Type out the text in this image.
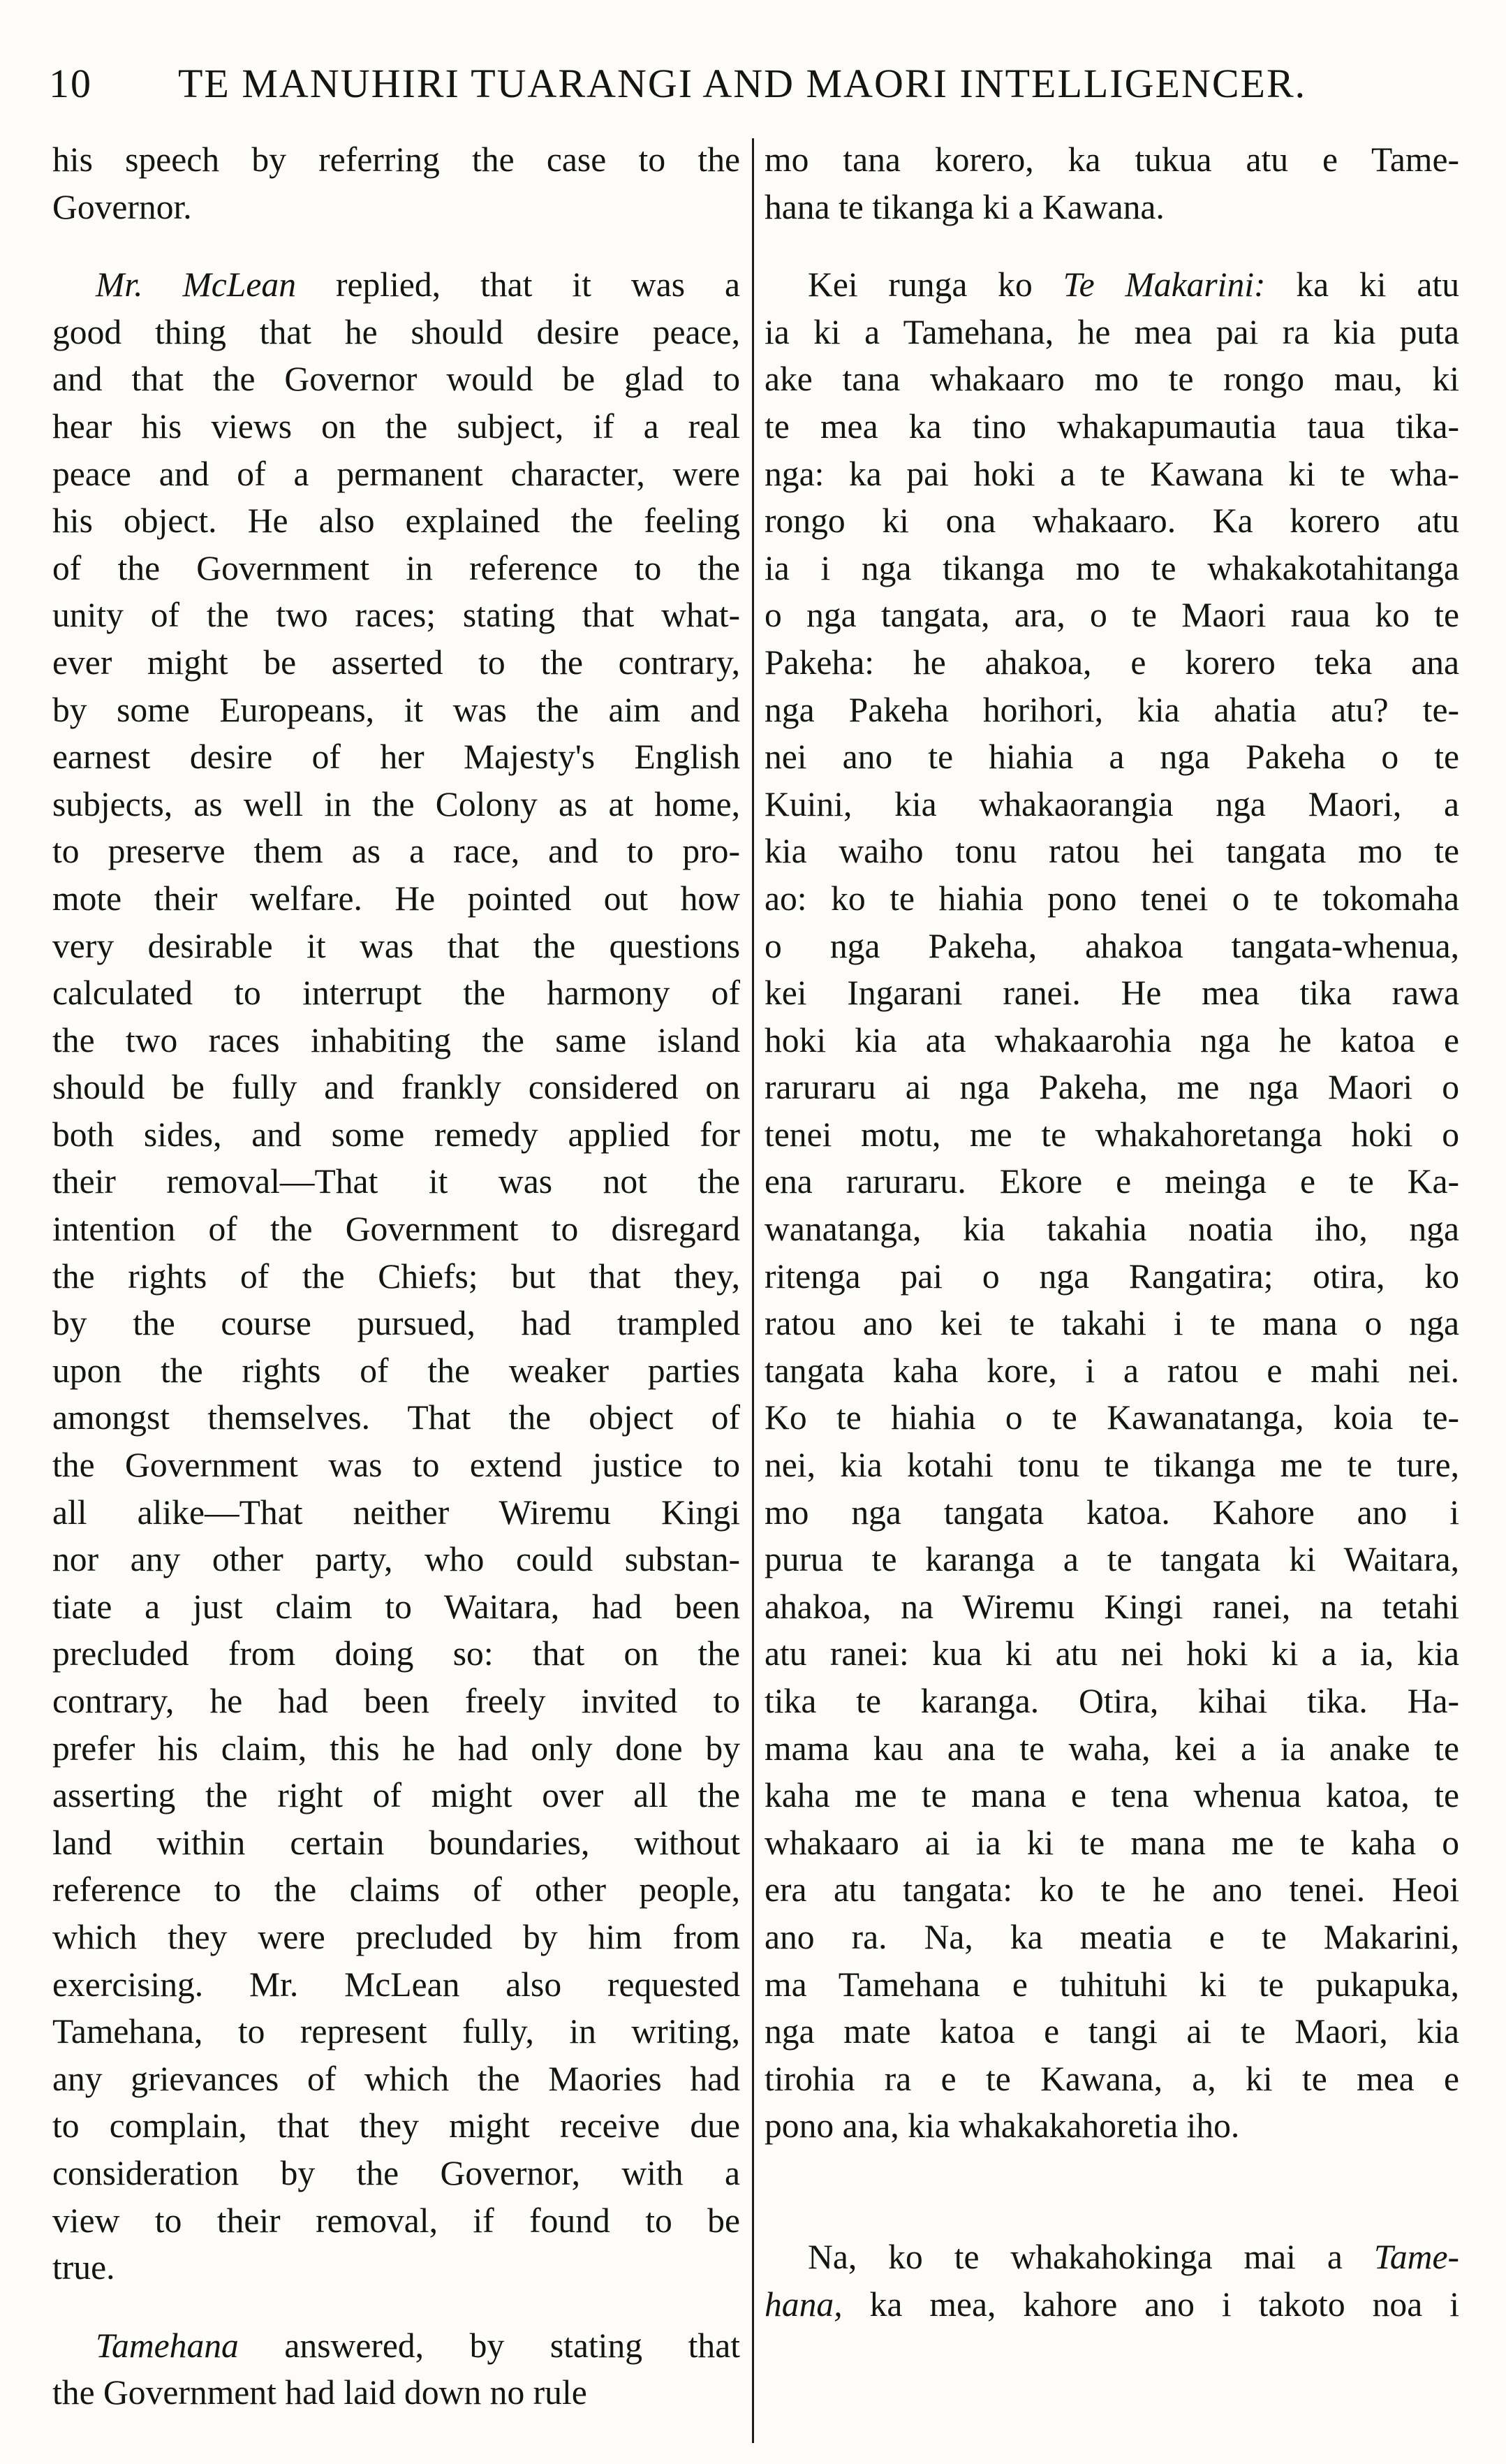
10 TE MANUHIRI TUARANGI AND MAORI INTELLIGENCER.

his speech by referring the case to the
Governor.

Mr. McLean replied, that it was a
good thing that he should desire peace,
and that the Governor would be glad to
hear his views on the subject, if a real
peace and of a permanent character, were
his object. He also explained the feeling
of the Government in reference to the
unity of the two races; stating that what-
ever might be asserted to the contrary,
by some Europeans, it was the aim and
earnest desire of her Majesty's English
subjects, as well in the Colony as at home,
to preserve them as a race, and to pro-
mote their welfare. He pointed out how
very desirable it was that the questions
calculated to interrupt the harmony of
the two races inhabiting the same island
should be fully and frankly considered on
both sides, and some remedy applied for
their removal—That it was not the
intention of the Government to disregard
the rights of the Chiefs; but that they,
by the course pursued, had trampled
upon the rights of the weaker parties
amongst themselves. That the object of
the Government was to extend justice to
all alike—That neither Wiremu Kingi
nor any other party, who could substan-
tiate a just claim to Waitara, had been
precluded from doing so: that on the
contrary, he had been freely invited to
prefer his claim, this he had only done by
asserting the right of might over all the
land within certain boundaries, without
reference to the claims of other people,
which they were precluded by him from
exercising. Mr. McLean also requested
Tamehana, to represent fully, in writing,
any grievances of which the Maories had
to complain, that they might receive due
consideration by the Governor, with a
view to their removal, if found to be
true.

Tamehana answered, by stating that
the Government had laid down no rule

mo tana korero, ka tukua atu e Tame-
hana te tikanga ki a Kawana.

Kei runga ko Te Makarini: ka ki atu
ia ki a Tamehana, he mea pai ra kia puta
ake tana whakaaro mo te rongo mau, ki
te mea ka tino whakapumautia taua tika-
nga: ka pai hoki a te Kawana ki te wha-
rongo ki ona whakaaro. Ka korero atu
ia i nga tikanga mo te whakakotahitanga
o nga tangata, ara, o te Maori raua ko te
Pakeha: he ahakoa, e korero teka ana
nga Pakeha horihori, kia ahatia atu? te-
nei ano te hiahia a nga Pakeha o te
Kuini, kia whakaorangia nga Maori, a
kia waiho tonu ratou hei tangata mo te
ao: ko te hiahia pono tenei o te tokomaha
o nga Pakeha, ahakoa tangata-whenua,
kei Ingarani ranei. He mea tika rawa
hoki kia ata whakaarohia nga he katoa e
raruraru ai nga Pakeha, me nga Maori o
tenei motu, me te whakahoretanga hoki o
ena raruraru. Ekore e meinga e te Ka-
wanatanga, kia takahia noatia iho, nga
ritenga pai o nga Rangatira; otira, ko
ratou ano kei te takahi i te mana o nga
tangata kaha kore, i a ratou e mahi nei.
Ko te hiahia o te Kawanatanga, koia te-
nei, kia kotahi tonu te tikanga me te ture,
mo nga tangata katoa. Kahore ano i
purua te karanga a te tangata ki Waitara,
ahakoa, na Wiremu Kingi ranei, na tetahi
atu ranei: kua ki atu nei hoki ki a ia, kia
tika te karanga. Otira, kihai tika. Ha-
mama kau ana te waha, kei a ia anake te
kaha me te mana e tena whenua katoa, te
whakaaro ai ia ki te mana me te kaha o
era atu tangata: ko te he ano tenei. Heoi
ano ra. Na, ka meatia e te Makarini,
ma Tamehana e tuhituhi ki te pukapuka,
nga mate katoa e tangi ai te Maori, kia
tirohia ra e te Kawana, a, ki te mea e
pono ana, kia whakakahoretia iho.

Na, ko te whakahokinga mai a Tame-
hana, ka mea, kahore ano i takoto noa i
